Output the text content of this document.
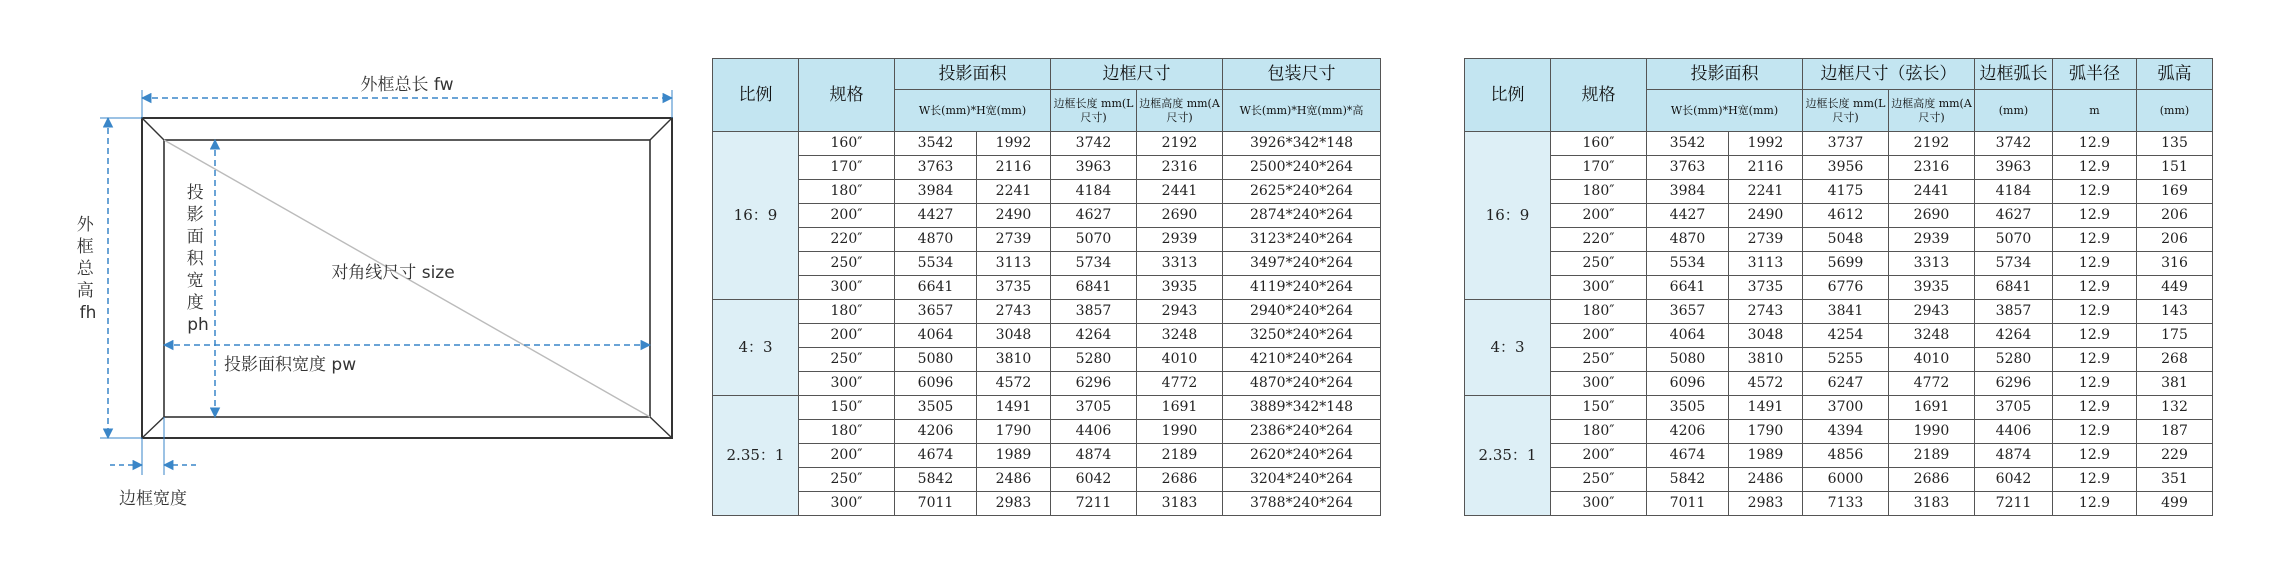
外框总长 fw
外 框 总 高 fh
投 影 面 积 宽 度 ph
对角线尺寸 size
投影面积宽度 pw
边框宽度
比例	规格	投影面积		边框尺寸		包装尺寸
		W长(mm)*H宽(mm)		边框长度 mm(L尺寸)	边框高度 mm(A尺寸)	W长(mm)*H宽(mm)*高
16：9	160″	3542	1992	3742	2192	3926*342*148
	170″	3763	2116	3963	2316	2500*240*264
	180″	3984	2241	4184	2441	2625*240*264
	200″	4427	2490	4627	2690	2874*240*264
	220″	4870	2739	5070	2939	3123*240*264
	250″	5534	3113	5734	3313	3497*240*264
	300″	6641	3735	6841	3935	4119*240*264
4：3	180″	3657	2743	3857	2943	2940*240*264
	200″	4064	3048	4264	3248	3250*240*264
	250″	5080	3810	5280	4010	4210*240*264
	300″	6096	4572	6296	4772	4870*240*264
2.35：1	150″	3505	1491	3705	1691	3889*342*148
	180″	4206	1790	4406	1990	2386*240*264
	200″	4674	1989	4874	2189	2620*240*264
	250″	5842	2486	6042	2686	3204*240*264
	300″	7011	2983	7211	3183	3788*240*264
比例	规格	投影面积		边框尺寸（弦长）		边框弧长	弧半径	弧高
		W长(mm)*H宽(mm)		边框长度 mm(L尺寸)	边框高度 mm(A尺寸)	(mm)	m	(mm)
16：9	160″	3542	1992	3737	2192	3742	12.9	135
	170″	3763	2116	3956	2316	3963	12.9	151
	180″	3984	2241	4175	2441	4184	12.9	169
	200″	4427	2490	4612	2690	4627	12.9	206
	220″	4870	2739	5048	2939	5070	12.9	206
	250″	5534	3113	5699	3313	5734	12.9	316
	300″	6641	3735	6776	3935	6841	12.9	449
4：3	180″	3657	2743	3841	2943	3857	12.9	143
	200″	4064	3048	4254	3248	4264	12.9	175
	250″	5080	3810	5255	4010	5280	12.9	268
	300″	6096	4572	6247	4772	6296	12.9	381
2.35：1	150″	3505	1491	3700	1691	3705	12.9	132
	180″	4206	1790	4394	1990	4406	12.9	187
	200″	4674	1989	4856	2189	4874	12.9	229
	250″	5842	2486	6000	2686	6042	12.9	351
	300″	7011	2983	7133	3183	7211	12.9	499
